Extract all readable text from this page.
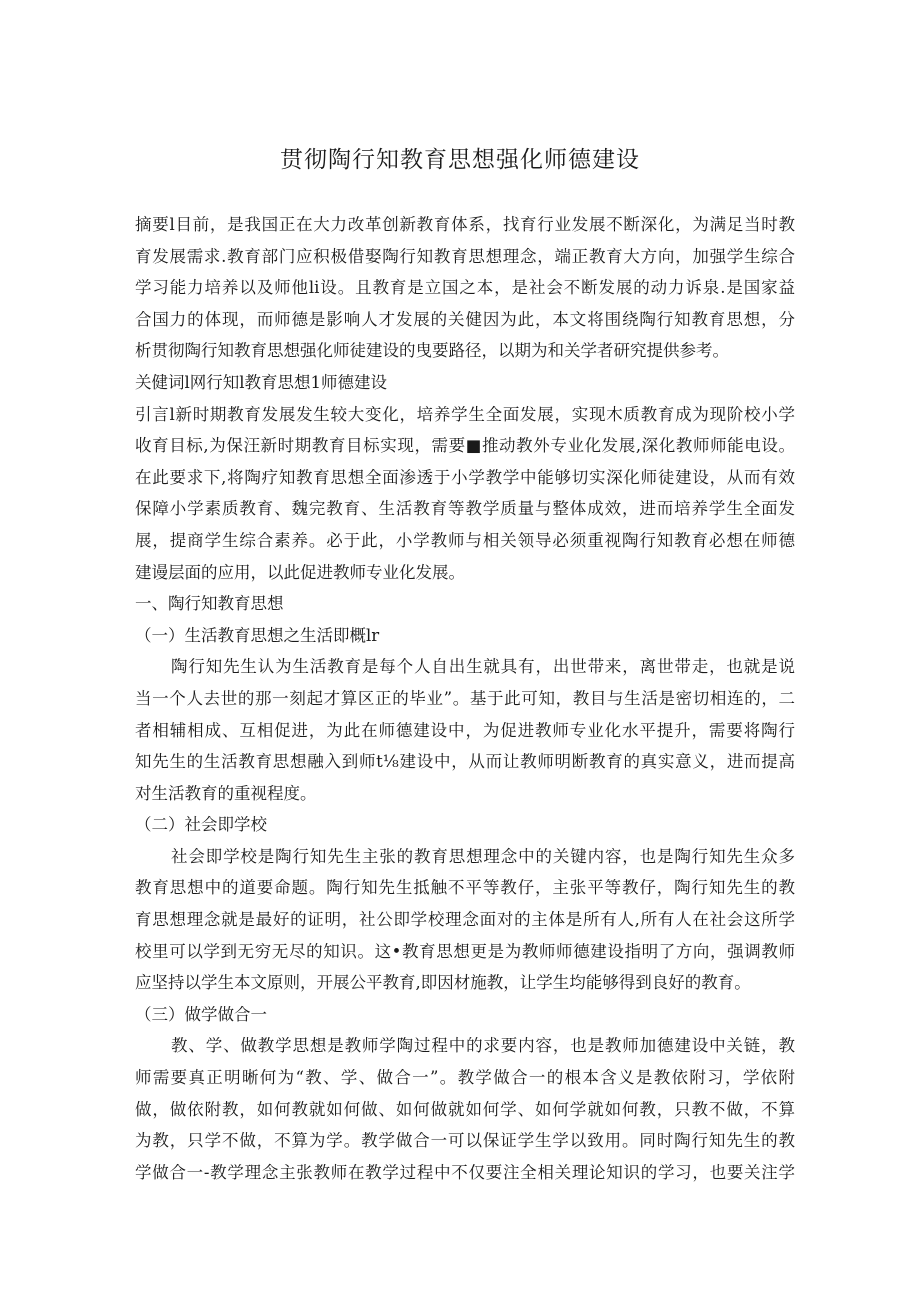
贯彻陶行知教育思想强化师德建设
摘要l目前，是我国正在大力改革创新教育体系，找育行业发展不断深化，为满足当时教
育发展需求.教育部门应积极借娶陶行知教育思想理念，端正教育大方向，加强学生综合
学习能力培养以及师他li设。且教育是立国之本，是社会不断发展的动力诉泉.是国家益
合国力的体现，而师德是影响人才发展的关健因为此，本文将围绕陶行知教育思想，分
析贯彻陶行知教育思想强化师徒建设的曳要路径，以期为和关学者研究提供参考。
关健词l网行知l教育思想1师德建设
引言l新时期教育发展发生较大变化，培养学生全面发展，实现木质教育成为现阶校小学
收育目标,为保汪新时期教育目标实现，需要■推动教外专业化发展,深化教师师能电设。
在此要求下,将陶疗知教育思想全面渗透于小学教学中能够切实深化师徒建设，从而有效
保障小学素质教育、魏完教育、生活教育等教学质量与整体成效，进而培养学生全面发
展，提商学生综合素养。必于此，小学教师与相关领导必须重视陶行知教育必想在师德
建谩层面的应用，以此促进教师专业化发展。
一、陶行知教育思想
（一）生活教育思想之生活即概lr
陶行知先生认为生活教育是每个人自出生就具有，出世带来，离世带走，也就是说
当一个人去世的那一刻起才算区正的毕业”。基于此可知，教目与生活是密切相连的，二
者相辅相成、互相促进，为此在师德建设中，为促进教师专业化水平提升，需要将陶行
知先生的生活教育思想融入到师t⅛建设中，从而让教师明断教育的真实意义，进而提高
对生活教育的重视程度。
（二）社会即学校
社会即学校是陶行知先生主张的教育思想理念中的关键内容，也是陶行知先生众多
教育思想中的道要命题。陶行知先生抵触不平等教仔，主张平等教仔，陶行知先生的教
育思想理念就是最好的证明，社公即学校理念面对的主体是所有人,所有人在社会这所学
校里可以学到无穷无尽的知识。这•教育思想更是为教师师德建设指明了方向，强调教师
应坚持以学生本文原则，开展公平教育,即因材施教，让学生均能够得到良好的教育。
（三）做学做合一
教、学、做教学思想是教师学陶过程中的求要内容，也是教师加德建设中关链，教
师需要真正明晰何为“教、学、做合一”。教学做合一的根本含义是教依附习，学依附
做，做依附教，如何教就如何做、如何做就如何学、如何学就如何教，只教不做，不算
为教，只学不做，不算为学。教学做合一可以保证学生学以致用。同时陶行知先生的教
学做合一-教学理念主张教师在教学过程中不仅要注全相关理论知识的学习，也要关注学
